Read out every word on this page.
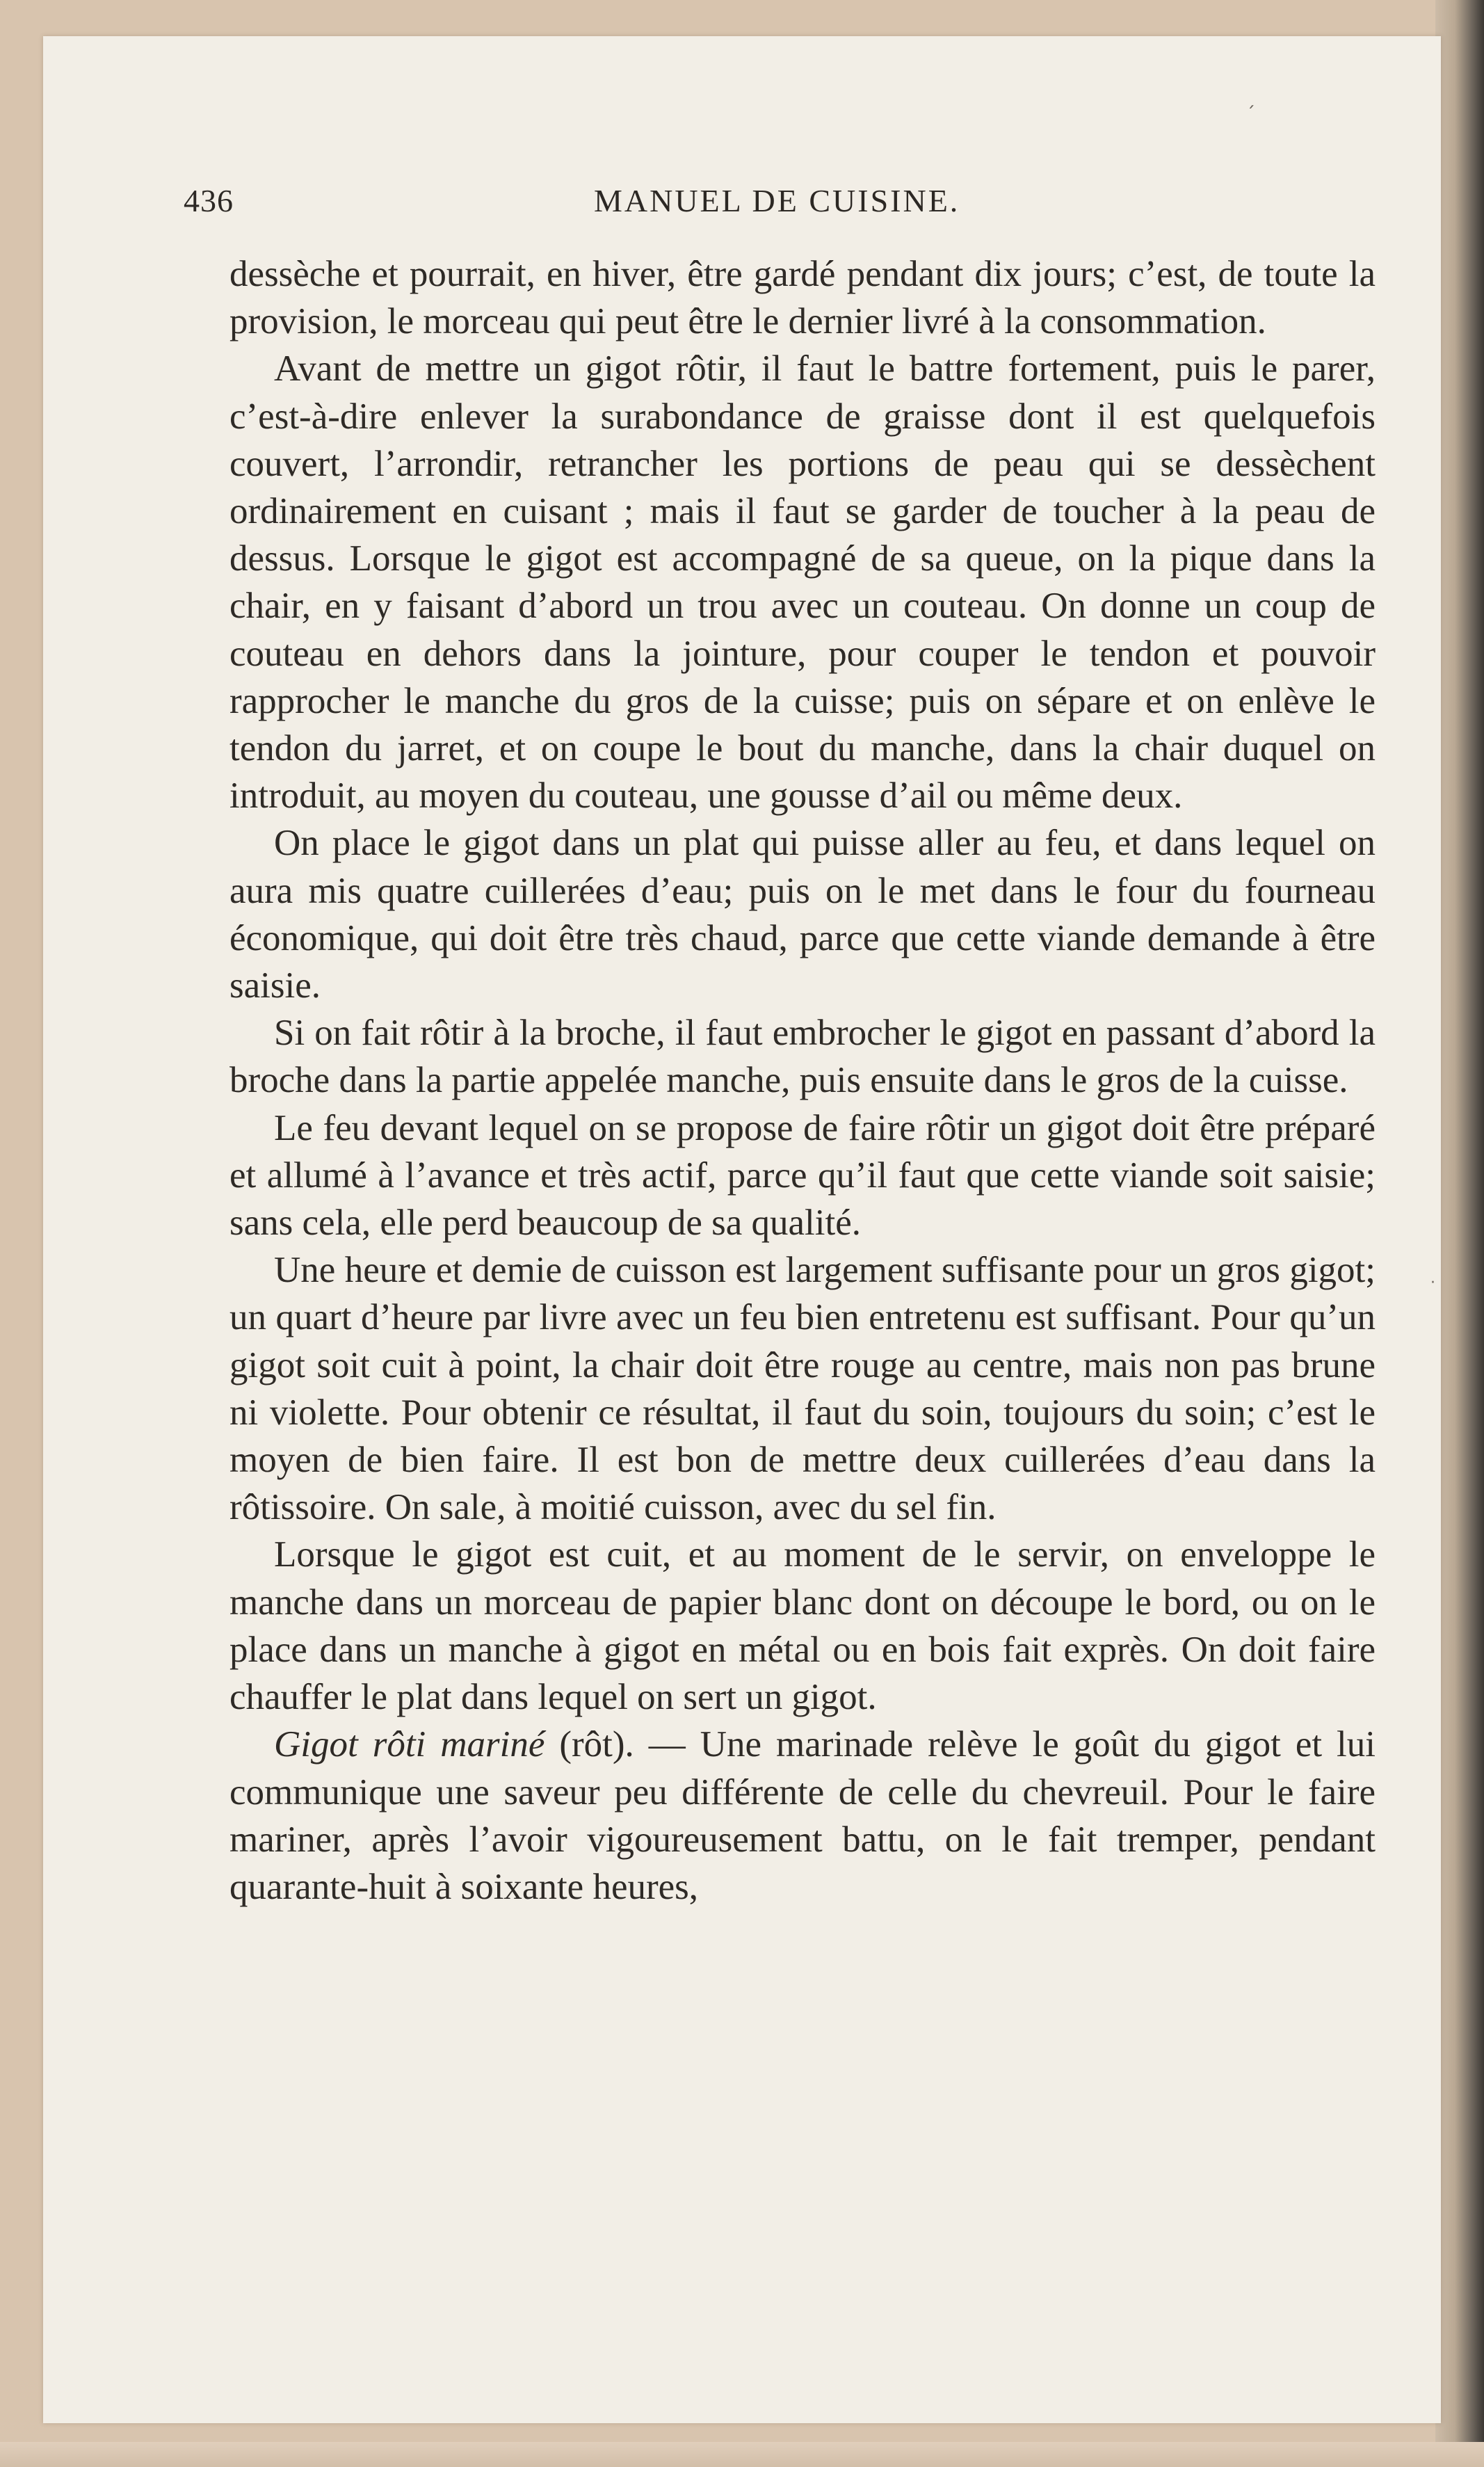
ˏ
·
436	MANUEL DE CUISINE.

dessèche et pourrait, en hiver, être gardé pendant dix jours; c’est, de toute la provision, le morceau qui peut être le dernier livré à la consommation.

Avant de mettre un gigot rôtir, il faut le battre fortement, puis le parer, c’est-à-dire enlever la surabondance de graisse dont il est quelquefois couvert, l’arrondir, retrancher les portions de peau qui se dessèchent ordinairement en cuisant ; mais il faut se garder de toucher à la peau de dessus. Lorsque le gigot est accompagné de sa queue, on la pique dans la chair, en y faisant d’abord un trou avec un couteau. On donne un coup de couteau en dehors dans la jointure, pour couper le tendon et pouvoir rapprocher le manche du gros de la cuisse; puis on sépare et on enlève le tendon du jarret, et on coupe le bout du manche, dans la chair duquel on introduit, au moyen du couteau, une gousse d’ail ou même deux.

On place le gigot dans un plat qui puisse aller au feu, et dans lequel on aura mis quatre cuillerées d’eau; puis on le met dans le four du fourneau économique, qui doit être très chaud, parce que cette viande demande à être saisie.

Si on fait rôtir à la broche, il faut embrocher le gigot en passant d’abord la broche dans la partie appelée manche, puis ensuite dans le gros de la cuisse.

Le feu devant lequel on se propose de faire rôtir un gigot doit être préparé et allumé à l’avance et très actif, parce qu’il faut que cette viande soit saisie; sans cela, elle perd beaucoup de sa qualité.

Une heure et demie de cuisson est largement suffisante pour un gros gigot; un quart d’heure par livre avec un feu bien entretenu est suffisant. Pour qu’un gigot soit cuit à point, la chair doit être rouge au centre, mais non pas brune ni violette. Pour obtenir ce résultat, il faut du soin, toujours du soin; c’est le moyen de bien faire. Il est bon de mettre deux cuillerées d’eau dans la rôtissoire. On sale, à moitié cuisson, avec du sel fin.

Lorsque le gigot est cuit, et au moment de le servir, on enveloppe le manche dans un morceau de papier blanc dont on découpe le bord, ou on le place dans un manche à gigot en métal ou en bois fait exprès. On doit faire chauffer le plat dans lequel on sert un gigot.

Gigot rôti mariné (rôt). — Une marinade relève le goût du gigot et lui communique une saveur peu différente de celle du chevreuil. Pour le faire mariner, après l’avoir vigoureusement battu, on le fait tremper, pendant quarante-huit à soixante heures,
